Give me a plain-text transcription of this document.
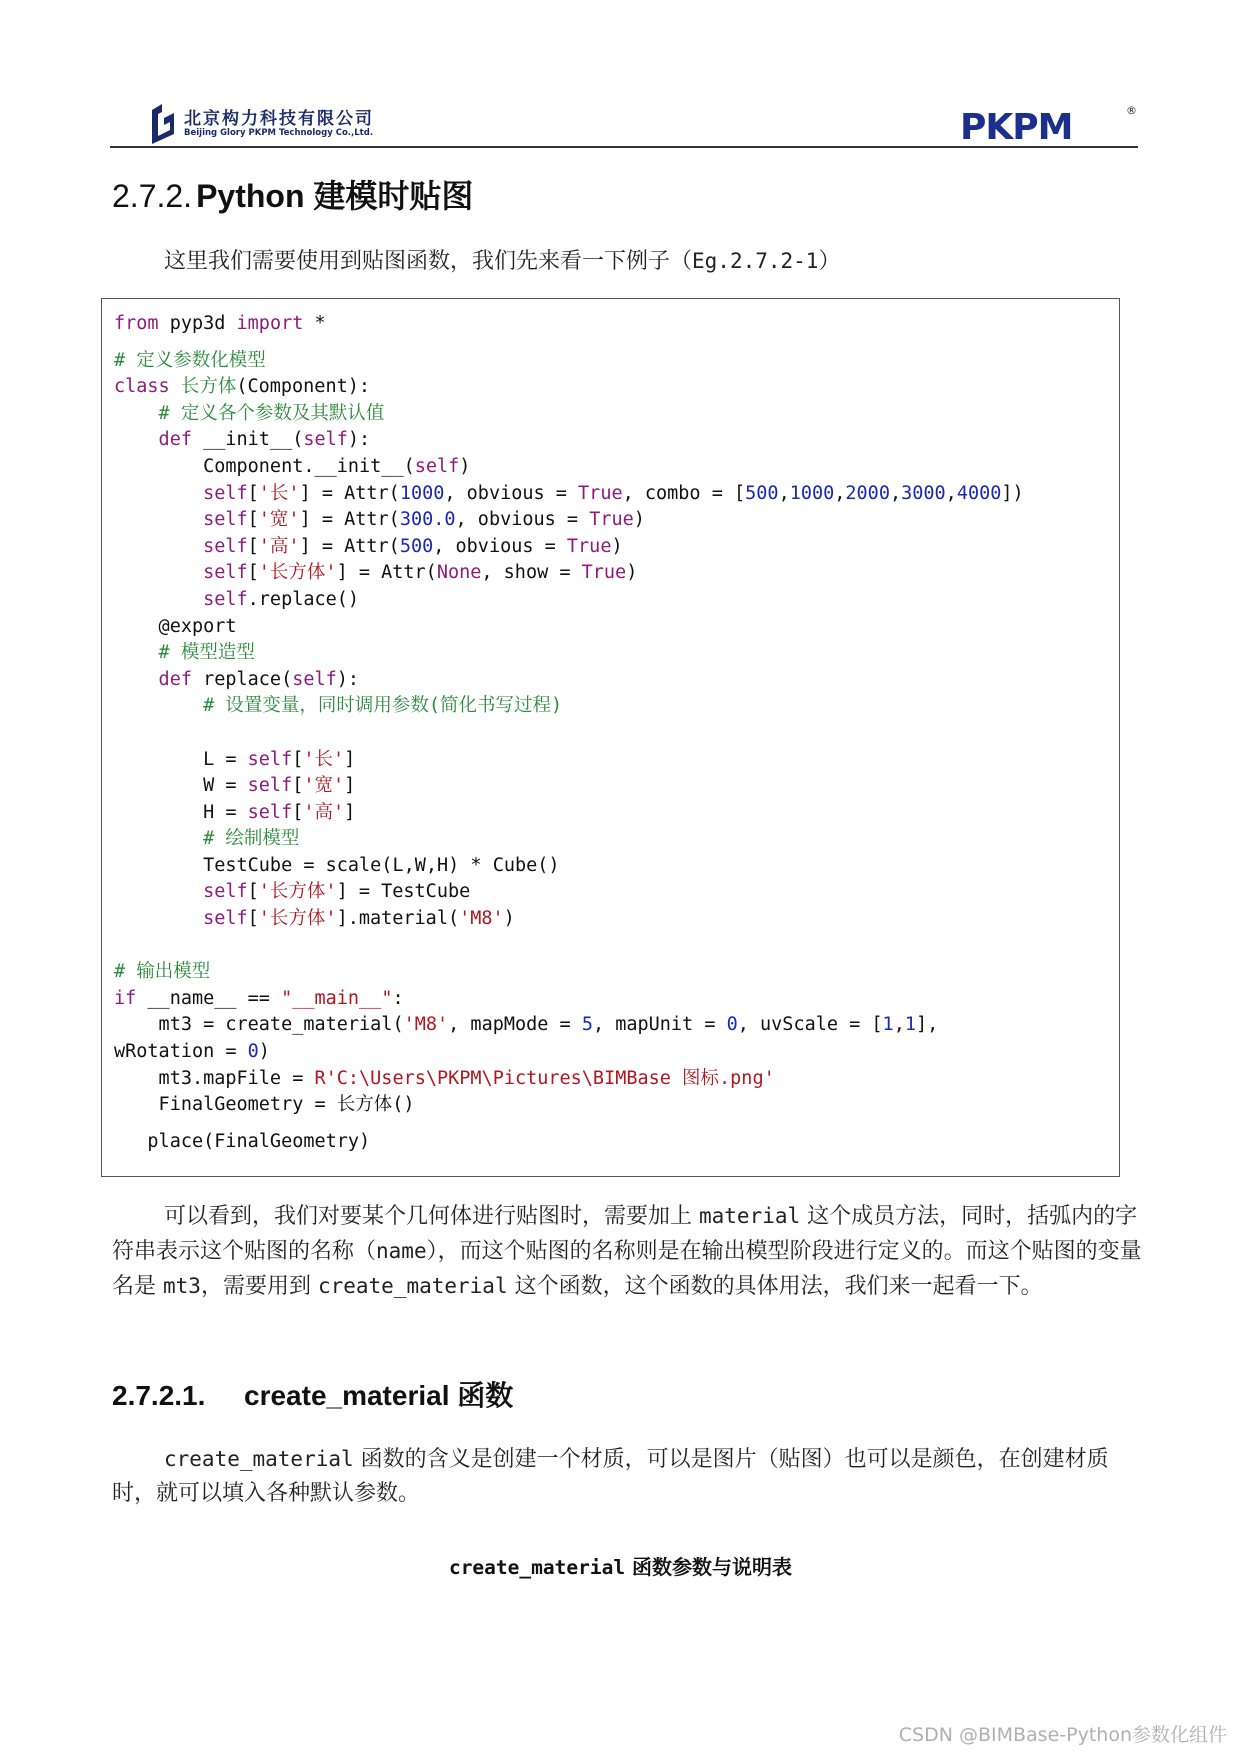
北京构力科技有限公司
Beijing Glory PKPM Technology Co.,Ltd.	PKPM	®
2.7.2. Python 建模时贴图
这里我们需要使用到贴图函数，我们先来看一下例子（Eg.2.7.2-1）
from pyp3d import *

# 定义参数化模型
class 长方体(Component):
# 定义各个参数及其默认值
def __init__(self):
Component.__init__(self)
self['长'] = Attr(1000, obvious = True, combo = [500,1000,2000,3000,4000])
self['宽'] = Attr(300.0, obvious = True)
self['高'] = Attr(500, obvious = True)
self['长方体'] = Attr(None, show = True)
self.replace()
@export
# 模型造型
def replace(self):
# 设置变量，同时调用参数(简化书写过程)

L = self['长']
W = self['宽']
H = self['高']
# 绘制模型
TestCube = scale(L,W,H) * Cube()
self['长方体'] = TestCube
self['长方体'].material('M8')

# 输出模型
if __name__ == "__main__":
mt3 = create_material('M8', mapMode = 5, mapUnit = 0, uvScale = [1,1],
wRotation = 0)
mt3.mapFile = R'C:\Users\PKPM\Pictures\BIMBase 图标.png'
FinalGeometry = 长方体()

place(FinalGeometry)
可以看到，我们对要某个几何体进行贴图时，需要加上 material 这个成员方法，同时，括弧内的字符串表示这个贴图的名称（name），而这个贴图的名称则是在输出模型阶段进行定义的。而这个贴图的变量名是 mt3，需要用到 create_material 这个函数，这个函数的具体用法，我们来一起看一下。
2.7.2.1. create_material 函数
create_material 函数的含义是创建一个材质，可以是图片（贴图）也可以是颜色，在创建材质时，就可以填入各种默认参数。
create_material 函数参数与说明表
CSDN @BIMBase-Python参数化组件
